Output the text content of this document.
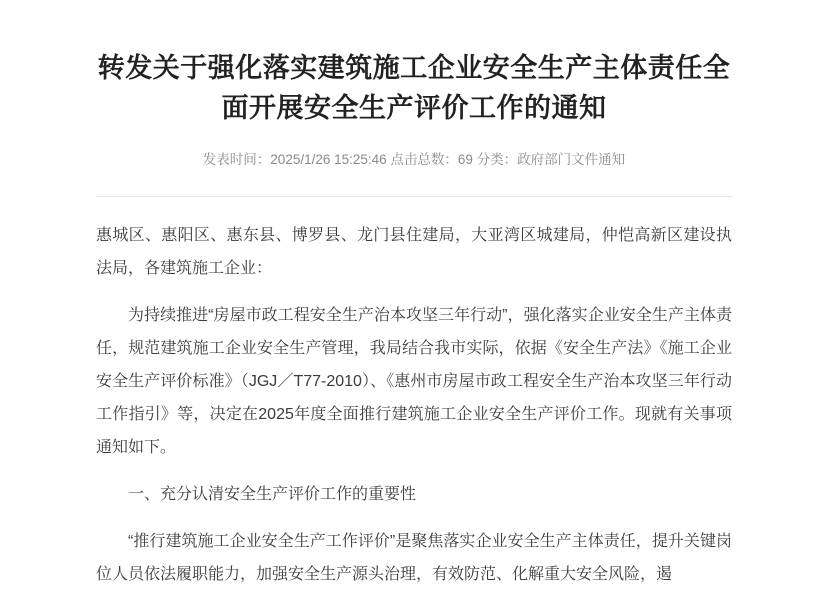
转发关于强化落实建筑施工企业安全生产主体责任全面开展安全生产评价工作的通知
发表时间：2025/1/26 15:25:46 点击总数：69 分类：政府部门文件通知

惠城区、惠阳区、惠东县、博罗县、龙门县住建局，大亚湾区城建局，仲恺高新区建设执法局，各建筑施工企业：

为持续推进“房屋市政工程安全生产治本攻坚三年行动”，强化落实企业安全生产主体责任，规范建筑施工企业安全生产管理，我局结合我市实际，依据《安全生产法》《施工企业安全生产评价标准》（JGJ／T77-2010）、《惠州市房屋市政工程安全生产治本攻坚三年行动工作指引》等，决定在2025年度全面推行建筑施工企业安全生产评价工作。现就有关事项通知如下。

一、充分认清安全生产评价工作的重要性

“推行建筑施工企业安全生产工作评价”是聚焦落实企业安全生产主体责任，提升关键岗位人员依法履职能力，加强安全生产源头治理，有效防范、化解重大安全风险，遏
